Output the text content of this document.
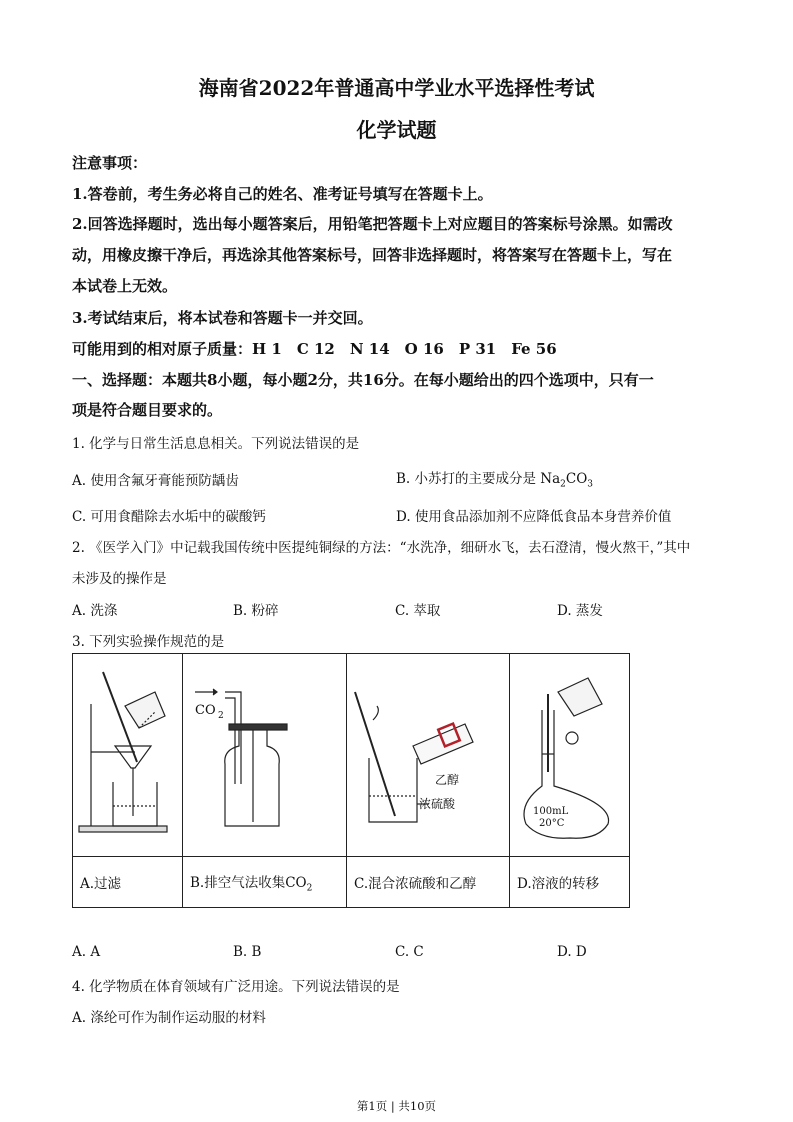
海南省2022年普通高中学业水平选择性考试
化学试题
注意事项：
1.答卷前，考生务必将自己的姓名、准考证号填写在答题卡上。
2.回答选择题时，选出每小题答案后，用铅笔把答题卡上对应题目的答案标号涂黑。如需改
动，用橡皮擦干净后，再选涂其他答案标号，回答非选择题时，将答案写在答题卡上，写在
本试卷上无效。
3.考试结束后，将本试卷和答题卡一并交回。
可能用到的相对原子质量：H 1　C 12　N 14　O 16　P 31　Fe 56
一、选择题：本题共8小题，每小题2分，共16分。在每小题给出的四个选项中，只有一
项是符合题目要求的。
1. 化学与日常生活息息相关。下列说法错误的是
A. 使用含氟牙膏能预防龋齿	B. 小苏打的主要成分是 $Na_2CO_3$
C. 可用食醋除去水垢中的碳酸钙	D. 使用食品添加剂不应降低食品本身营养价值
2. 《医学入门》中记载我国传统中医提纯铜绿的方法：“水洗净，细研水飞，去石澄清，慢火熬干，”其中
未涉及的操作是
A. 洗涤	B. 粉碎	C. 萃取	D. 蒸发
3. 下列实验操作规范的是

CO 2	乙醇
浓硫酸	100mL
20°C

A.过滤	B.排空气法收集$CO_2$	C.混合浓硫酸和乙醇	D.溶液的转移
A. A	B. B	C. C	D. D
4. 化学物质在体育领域有广泛用途。下列说法错误的是
A. 涤纶可作为制作运动服的材料
第1页 | 共10页
